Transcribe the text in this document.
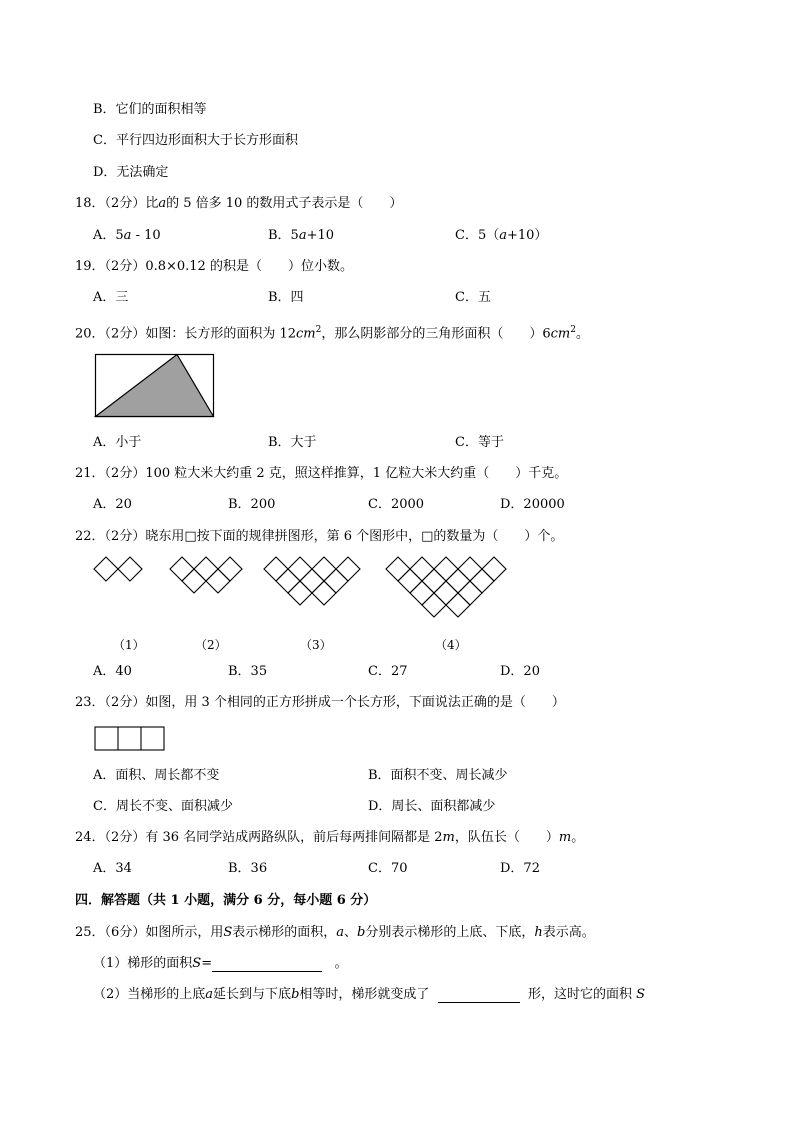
B．它们的面积相等
C．平行四边形面积大于长方形面积
D．无法确定
18．（2分）比a的 5 倍多 10 的数用式子表示是（　　）
A．5a - 10	B．5a+10	C．5（a+10）
19．（2分）0.8×0.12 的积是（　　）位小数。
A．三	B．四	C．五
20．（2分）如图：长方形的面积为 $12cm^2$，那么阴影部分的三角形面积（　　）$6cm^2$。
A．小于	B．大于	C．等于
21．（2分）100 粒大米大约重 2 克，照这样推算，1 亿粒大米大约重（　　）千克。
A．20	B．200	C．2000	D．20000
22．（2分）晓东用□按下面的规律拼图形，第 6 个图形中，□的数量为（　　）个。
（1）	（2）	（3）	（4）
A．40	B．35	C．27	D．20
23．（2分）如图，用 3 个相同的正方形拼成一个长方形，下面说法正确的是（　　）
A．面积、周长都不变	B．面积不变、周长减少
C．周长不变、面积减少	D．周长、面积都减少
24．（2分）有 36 名同学站成两路纵队，前后每两排间隔都是 2m，队伍长（　　）m。
A．34	B．36	C．70	D．72
四．解答题（共 1 小题，满分 6 分，每小题 6 分）
25．（6分）如图所示，用S表示梯形的面积，a、b分别表示梯形的上底、下底，h表示高。
（1）梯形的面积S=	。
（2）当梯形的上底a延长到与下底b相等时，梯形就变成了	形，这时它的面积 S
